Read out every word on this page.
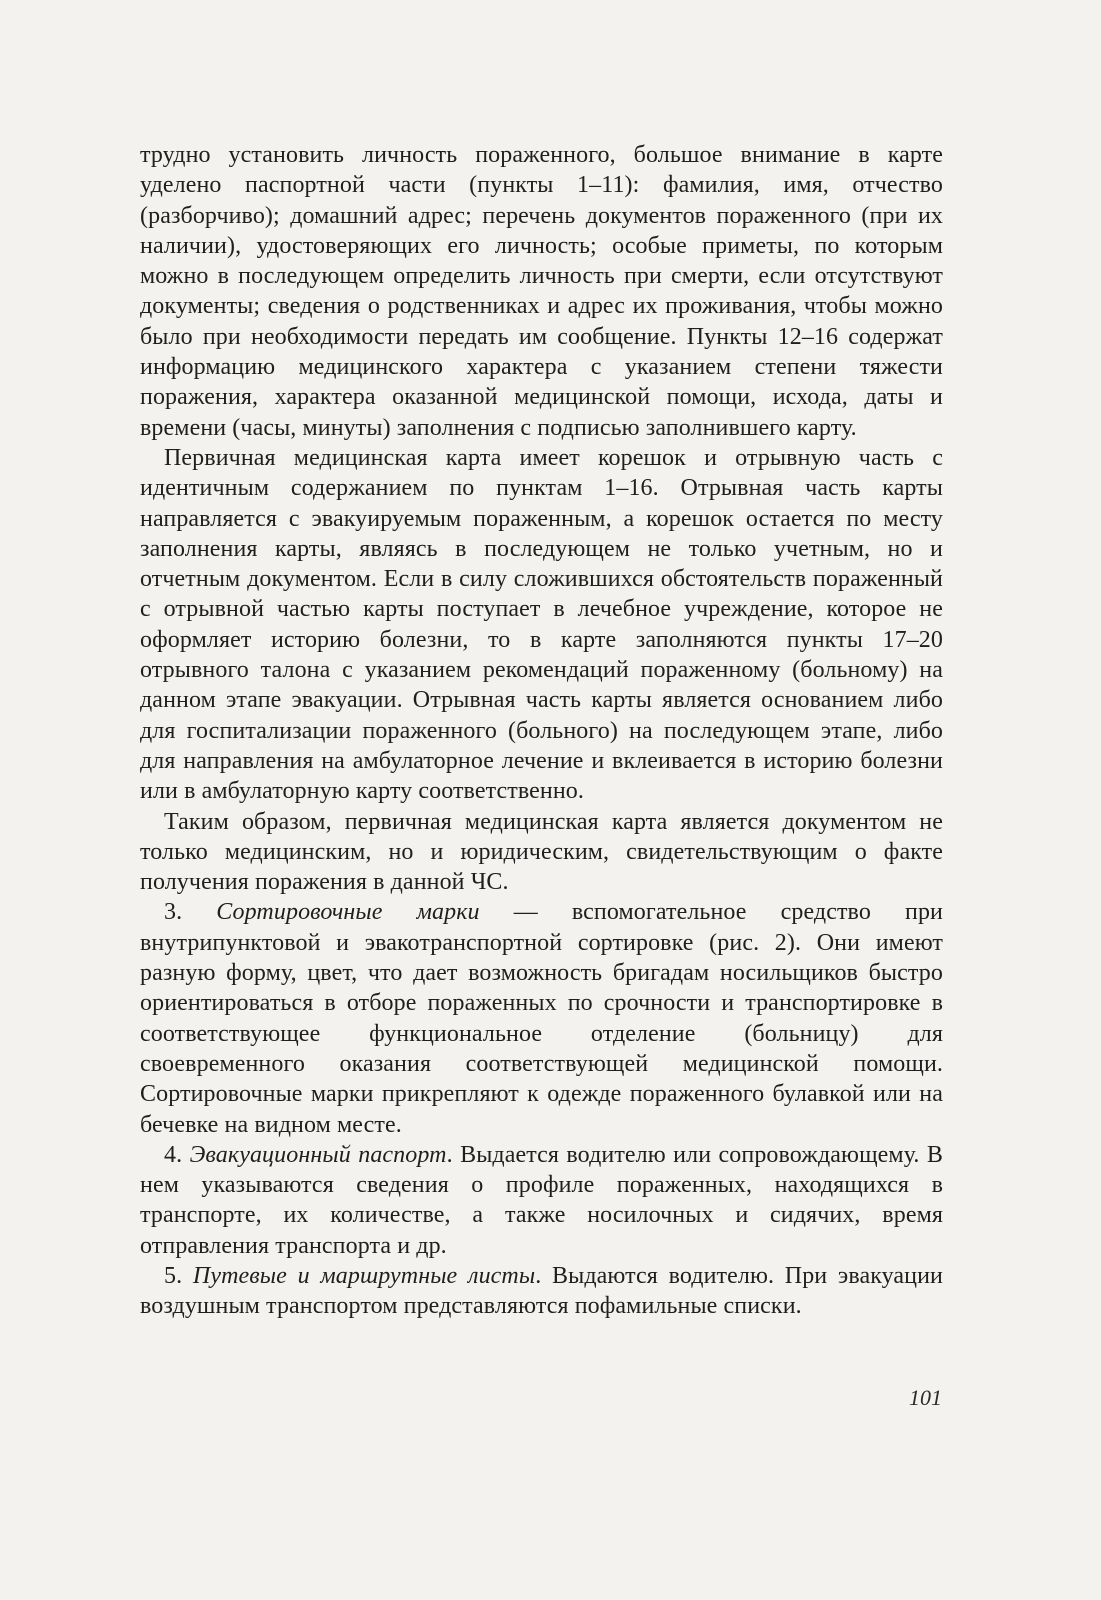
трудно установить личность пораженного, большое внимание в карте уделено паспортной части (пункты 1–11): фамилия, имя, отчество (разборчиво); домашний адрес; перечень документов пораженного (при их наличии), удостоверяющих его личность; особые приметы, по которым можно в последующем определить личность при смерти, если отсутствуют документы; сведения о родственниках и адрес их проживания, чтобы можно было при необходимости передать им сообщение. Пункты 12–16 содержат информацию медицинского характера с указанием степени тяжести поражения, характера оказанной медицинской помощи, исхода, даты и времени (часы, минуты) заполнения с подписью заполнившего карту.

Первичная медицинская карта имеет корешок и отрывную часть с идентичным содержанием по пунктам 1–16. Отрывная часть карты направляется с эвакуируемым пораженным, а корешок остается по месту заполнения карты, являясь в последующем не только учетным, но и отчетным документом. Если в силу сложившихся обстоятельств пораженный с отрывной частью карты поступает в лечебное учреждение, которое не оформляет историю болезни, то в карте заполняются пункты 17–20 отрывного талона с указанием рекомендаций пораженному (больному) на данном этапе эвакуации. Отрывная часть карты является основанием либо для госпитализации пораженного (больного) на последующем этапе, либо для направления на амбулаторное лечение и вклеивается в историю болезни или в амбулаторную карту соответственно.

Таким образом, первичная медицинская карта является документом не только медицинским, но и юридическим, свидетельствующим о факте получения поражения в данной ЧС.

3. Сортировочные марки — вспомогательное средство при внутрипунктовой и эвакотранспортной сортировке (рис. 2). Они имеют разную форму, цвет, что дает возможность бригадам носильщиков быстро ориентироваться в отборе пораженных по срочности и транспортировке в соответствующее функциональное отделение (больницу) для своевременного оказания соответствующей медицинской помощи. Сортировочные марки прикрепляют к одежде пораженного булавкой или на бечевке на видном месте.

4. Эвакуационный паспорт. Выдается водителю или сопровождающему. В нем указываются сведения о профиле пораженных, находящихся в транспорте, их количестве, а также носилочных и сидячих, время отправления транспорта и др.

5. Путевые и маршрутные листы. Выдаются водителю. При эвакуации воздушным транспортом представляются пофамильные списки.

101
